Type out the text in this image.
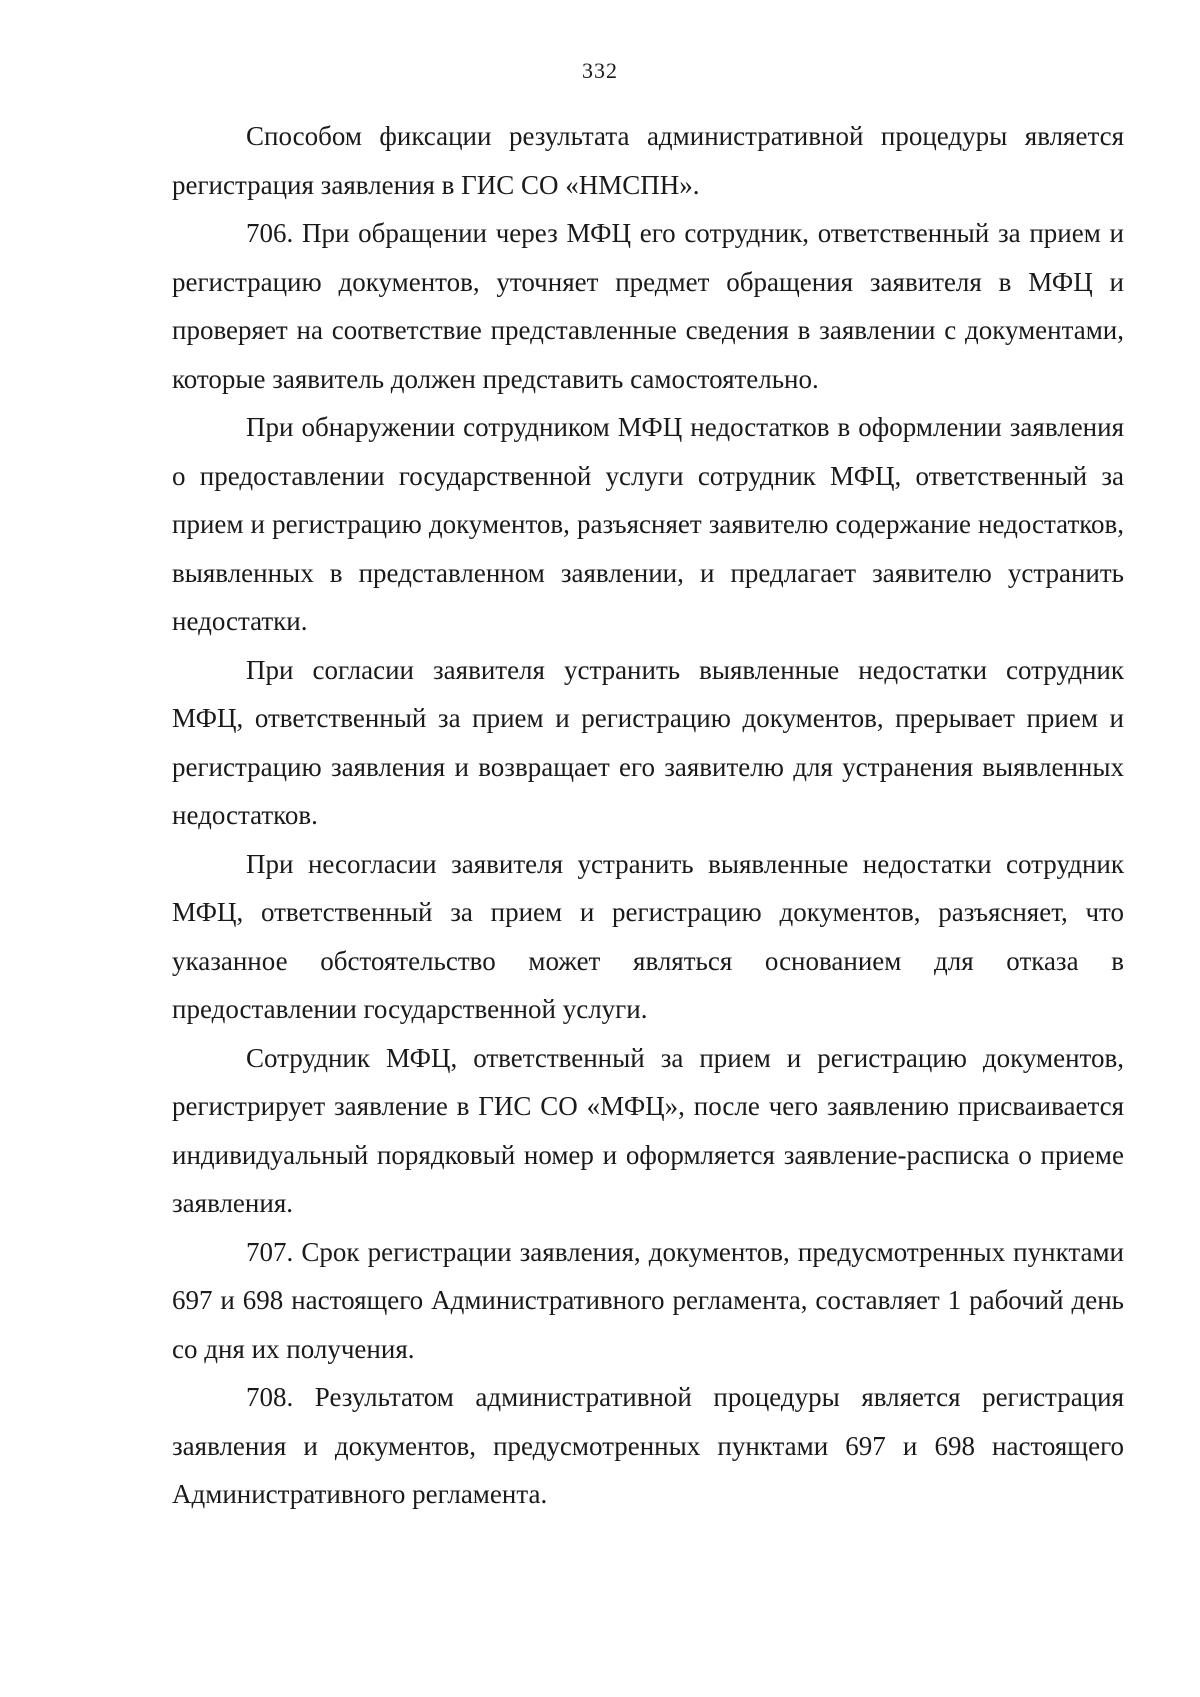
332

Способом фиксации результата административной процедуры является регистрация заявления в ГИС СО «НМСПН».

706. При обращении через МФЦ его сотрудник, ответственный за прием и регистрацию документов, уточняет предмет обращения заявителя в МФЦ и проверяет на соответствие представленные сведения в заявлении с документами, которые заявитель должен представить самостоятельно.

При обнаружении сотрудником МФЦ недостатков в оформлении заявления о предоставлении государственной услуги сотрудник МФЦ, ответственный за прием и регистрацию документов, разъясняет заявителю содержание недостатков, выявленных в представленном заявлении, и предлагает заявителю устранить недостатки.

При согласии заявителя устранить выявленные недостатки сотрудник МФЦ, ответственный за прием и регистрацию документов, прерывает прием и регистрацию заявления и возвращает его заявителю для устранения выявленных недостатков.

При несогласии заявителя устранить выявленные недостатки сотрудник МФЦ, ответственный за прием и регистрацию документов, разъясняет, что указанное обстоятельство может являться основанием для отказа в предоставлении государственной услуги.

Сотрудник МФЦ, ответственный за прием и регистрацию документов, регистрирует заявление в ГИС СО «МФЦ», после чего заявлению присваивается индивидуальный порядковый номер и оформляется заявление-расписка о приеме заявления.

707. Срок регистрации заявления, документов, предусмотренных пунктами 697 и 698 настоящего Административного регламента, составляет 1 рабочий день со дня их получения.

708. Результатом административной процедуры является регистрация заявления и документов, предусмотренных пунктами 697 и 698 настоящего Административного регламента.
